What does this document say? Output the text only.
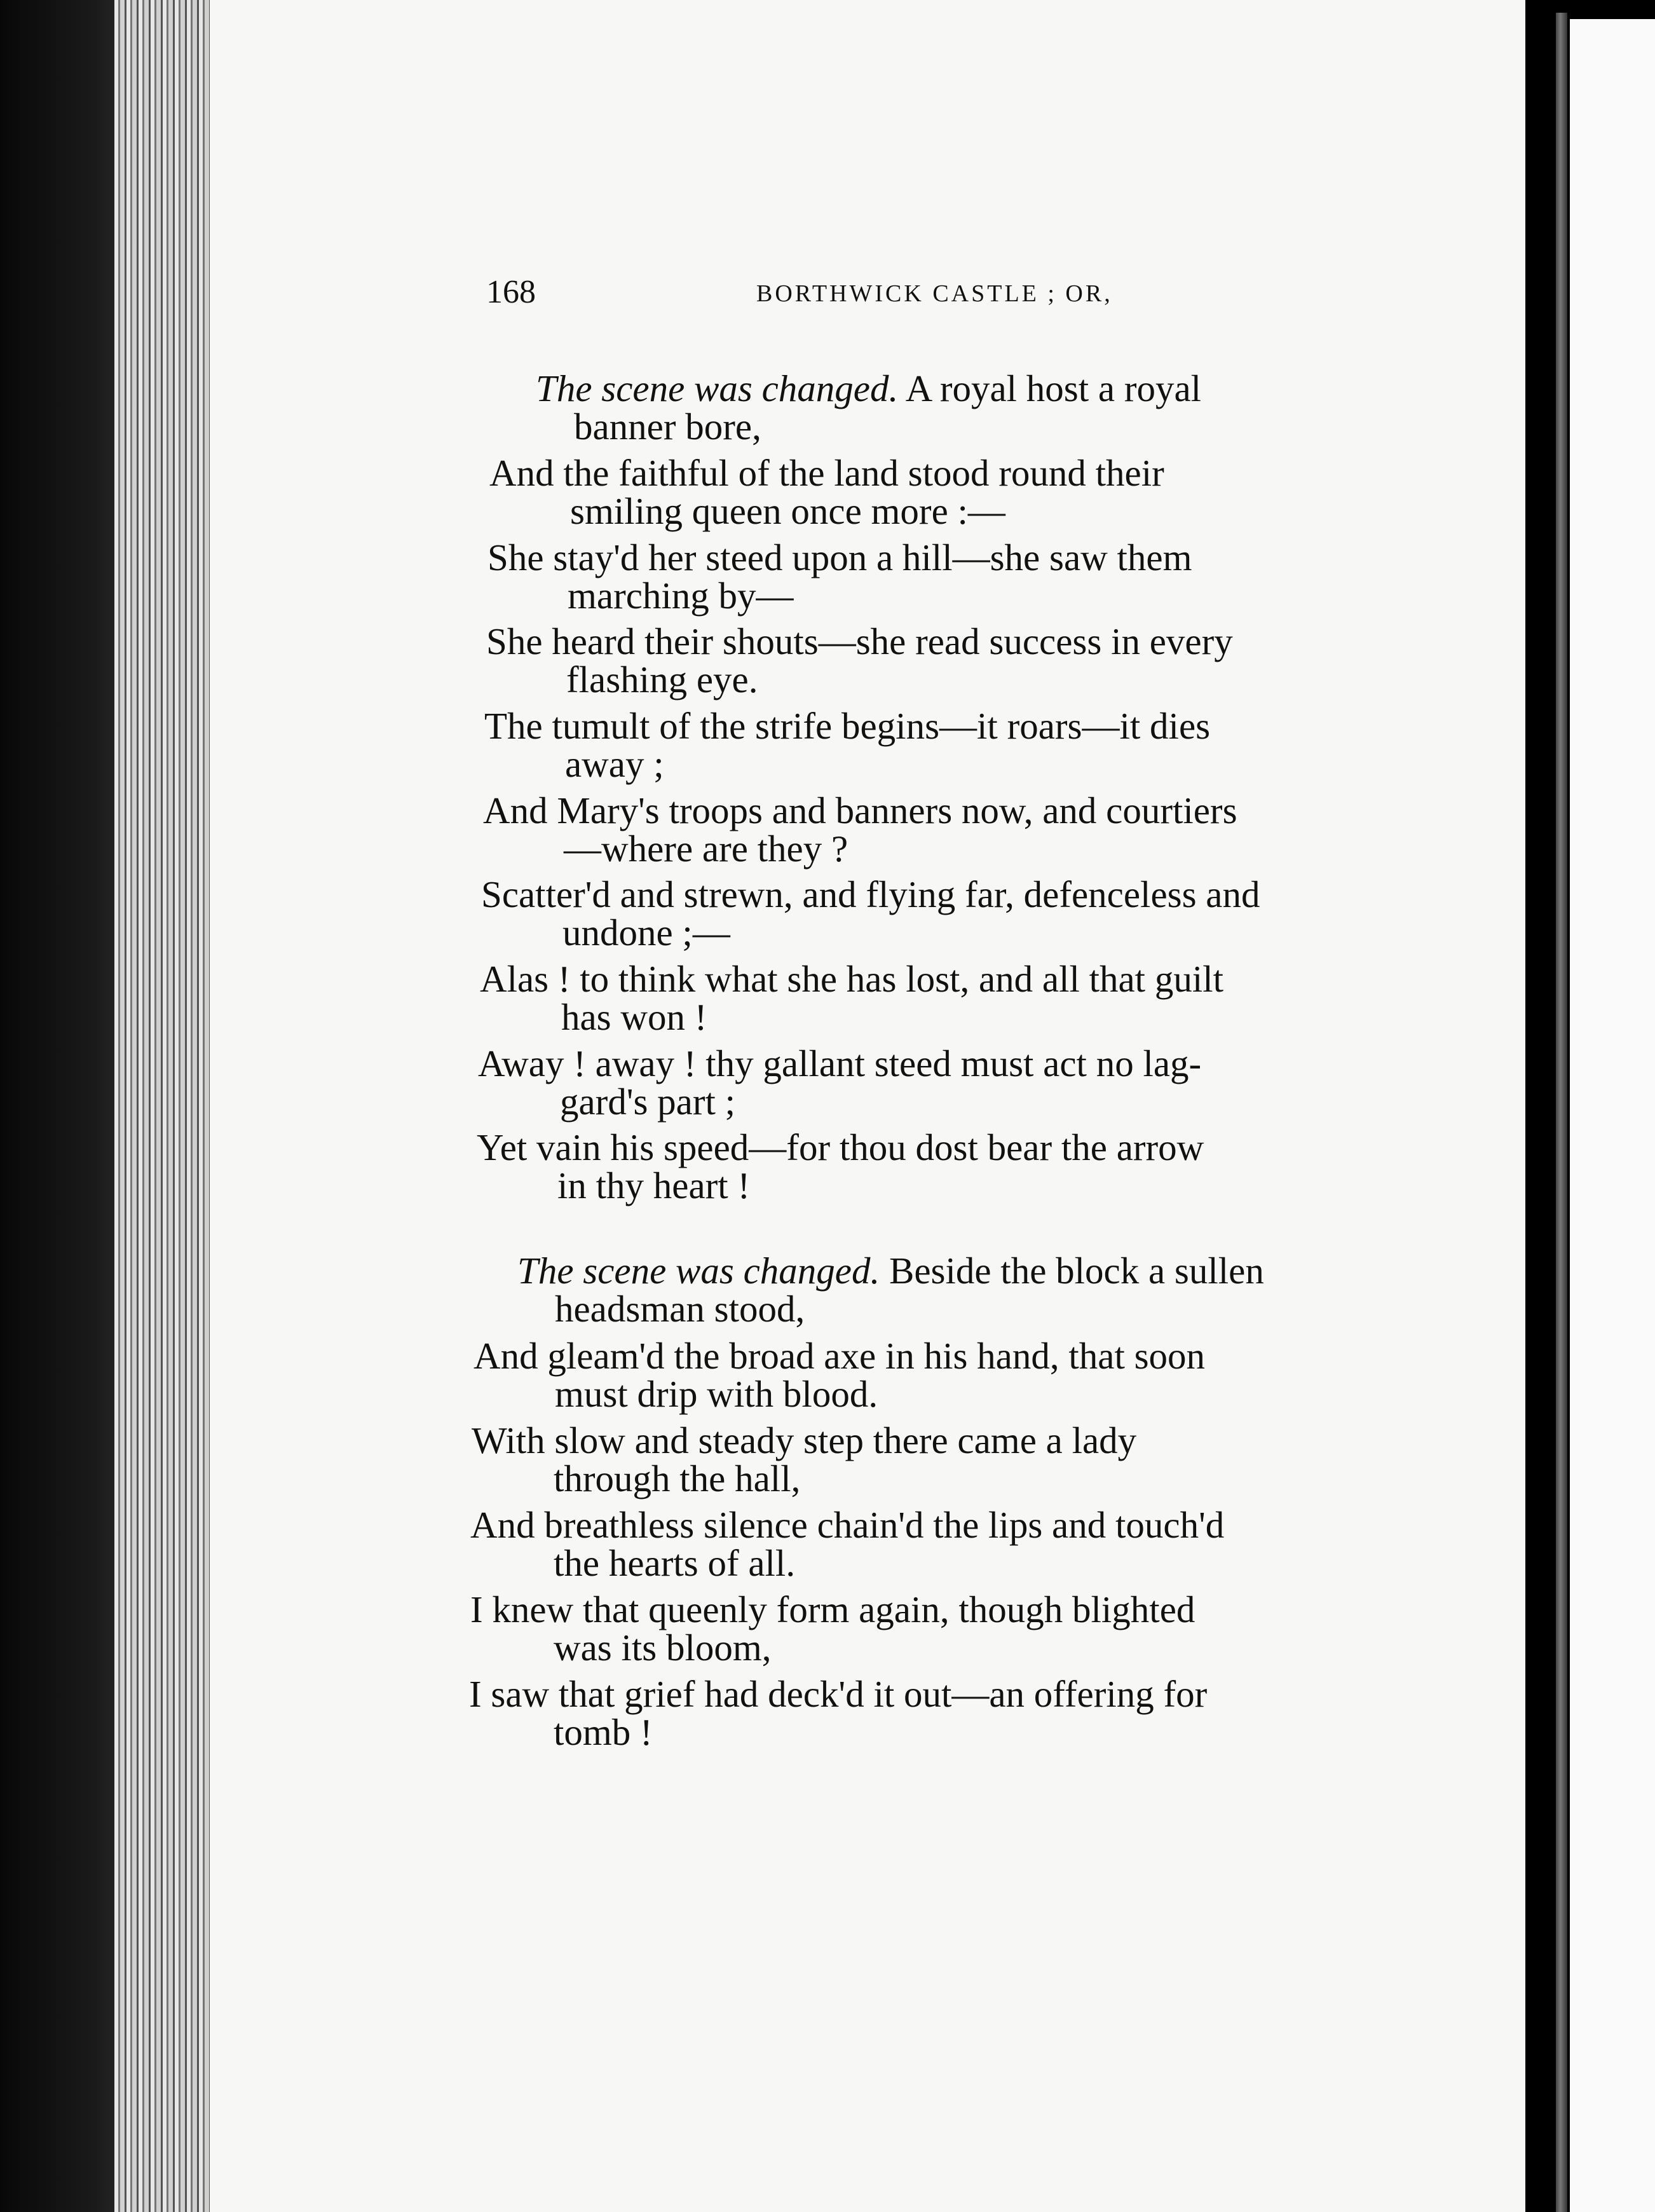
168	BORTHWICK CASTLE ; OR,
The scene was changed. A royal host a royal
banner bore,
And the faithful of the land stood round their
smiling queen once more :—
She stay'd her steed upon a hill—she saw them
marching by—
She heard their shouts—she read success in every
flashing eye.
The tumult of the strife begins—it roars—it dies
away ;
And Mary's troops and banners now, and courtiers
—where are they ?
Scatter'd and strewn, and flying far, defenceless and
undone ;—
Alas ! to think what she has lost, and all that guilt
has won !
Away ! away ! thy gallant steed must act no lag-
gard's part ;
Yet vain his speed—for thou dost bear the arrow
in thy heart !
The scene was changed. Beside the block a sullen
headsman stood,
And gleam'd the broad axe in his hand, that soon
must drip with blood.
With slow and steady step there came a lady
through the hall,
And breathless silence chain'd the lips and touch'd
the hearts of all.
I knew that queenly form again, though blighted
was its bloom,
I saw that grief had deck'd it out—an offering for
tomb !
